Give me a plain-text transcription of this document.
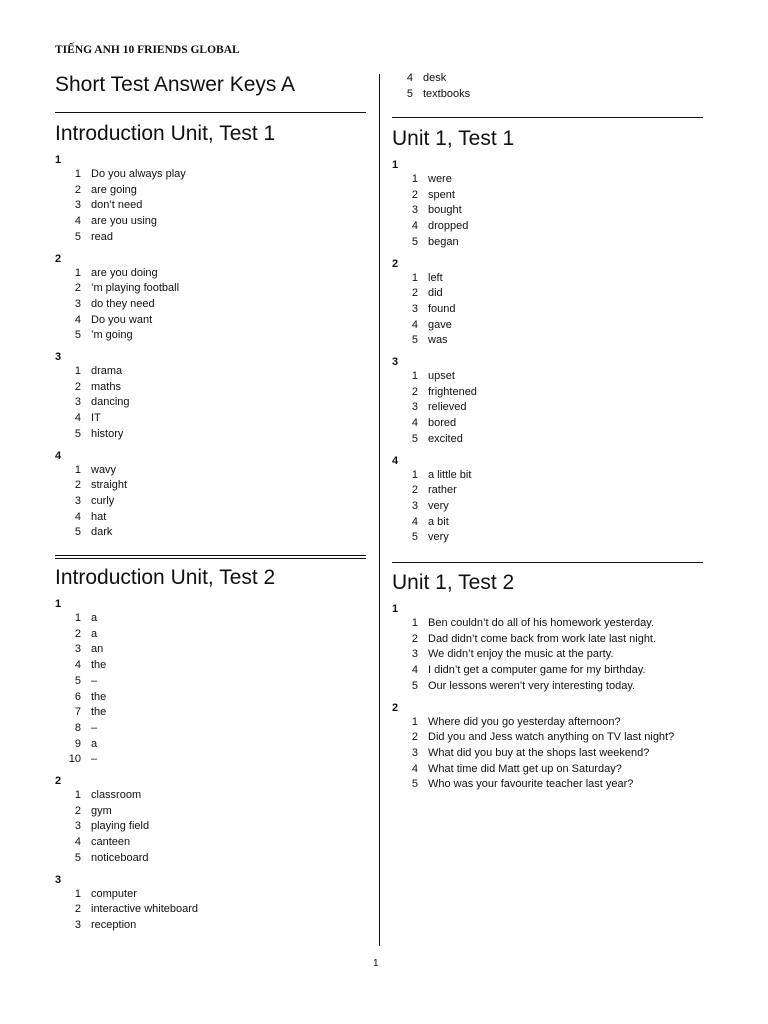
TIẾNG ANH 10 FRIENDS GLOBAL
Short Test Answer Keys A	4 desk
5 textbooks
Introduction Unit, Test 1
1
1 Do you always play
2 are going
3 don’t need
4 are you using
5 read
2
1 are you doing
2 ’m playing football
3 do they need
4 Do you want
5 ’m going
3
1 drama
2 maths
3 dancing
4 IT
5 history
4
1 wavy
2 straight
3 curly
4 hat
5 dark
Introduction Unit, Test 2
1
1 a
2 a
3 an
4 the
5 –
6 the
7 the
8 –
9 a
10 –
2
1 classroom
2 gym
3 playing field
4 canteen
5 noticeboard
3
1 computer
2 interactive whiteboard
3 reception
Unit 1, Test 1
1
1 were
2 spent
3 bought
4 dropped
5 began
2
1 left
2 did
3 found
4 gave
5 was
3
1 upset
2 frightened
3 relieved
4 bored
5 excited
4
1 a little bit
2 rather
3 very
4 a bit
5 very
Unit 1, Test 2
1
1 Ben couldn’t do all of his homework yesterday.
2 Dad didn’t come back from work late last night.
3 We didn’t enjoy the music at the party.
4 I didn’t get a computer game for my birthday.
5 Our lessons weren’t very interesting today.
2
1 Where did you go yesterday afternoon?
2 Did you and Jess watch anything on TV last night?
3 What did you buy at the shops last weekend?
4 What time did Matt get up on Saturday?
5 Who was your favourite teacher last year?
1
